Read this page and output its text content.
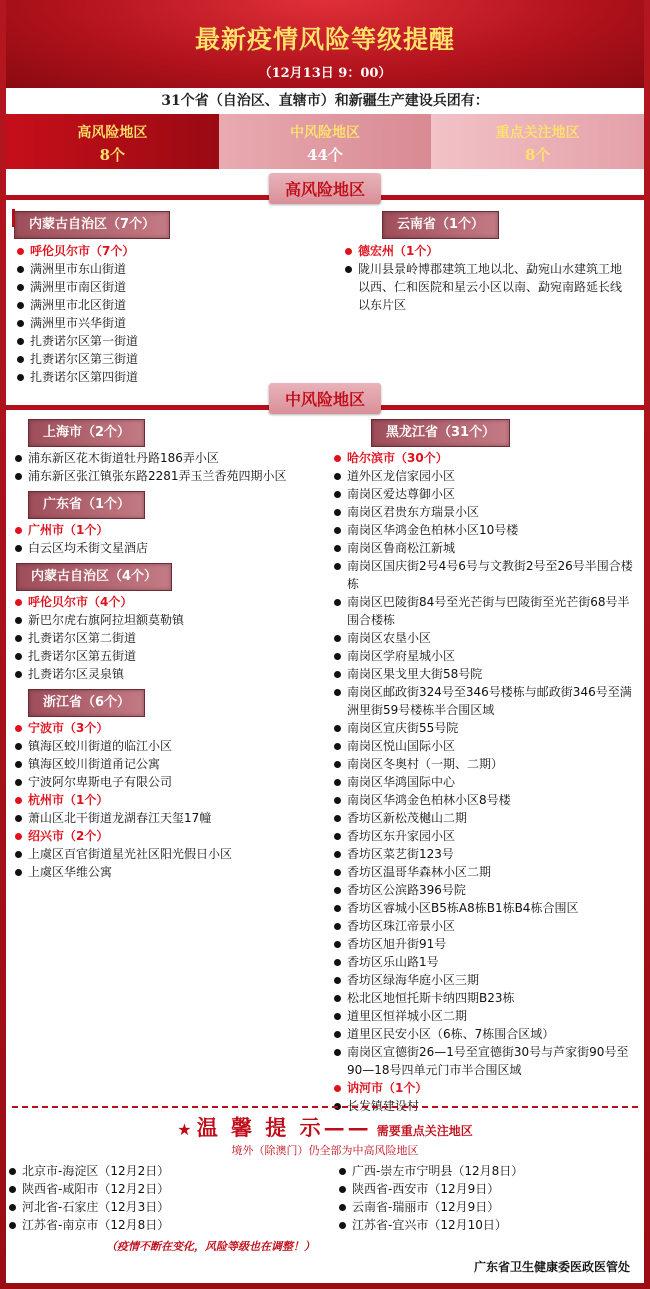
最新疫情风险等级提醒
（12月13日 9：00）
31个省（自治区、直辖市）和新疆生产建设兵团有：
高风险地区
8个
中风险地区
44个
重点关注地区
8个
高风险地区
内蒙古自治区（7个）
呼伦贝尔市（7个）
满洲里市东山街道
满洲里市南区街道
满洲里市北区街道
满洲里市兴华街道
扎赉诺尔区第一街道
扎赉诺尔区第三街道
扎赉诺尔区第四街道
云南省（1个）
德宏州（1个）
陇川县景岭博郡建筑工地以北、勐宛山水建筑工地以西、仁和医院和星云小区以南、勐宛南路延长线以东片区
中风险地区
上海市（2个）
浦东新区花木街道牡丹路186弄小区
浦东新区张江镇张东路2281弄玉兰香苑四期小区
广东省（1个）
广州市（1个）
白云区均禾街文星酒店
内蒙古自治区（4个）
呼伦贝尔市（4个）
新巴尔虎右旗阿拉坦额莫勒镇
扎赉诺尔区第二街道
扎赉诺尔区第五街道
扎赉诺尔区灵泉镇
浙江省（6个）
宁波市（3个）
镇海区蛟川街道的临江小区
镇海区蛟川街道甬记公寓
宁波阿尔卑斯电子有限公司
杭州市（1个）
萧山区北干街道龙湖春江天玺17幢
绍兴市（2个）
上虞区百官街道星光社区阳光假日小区
上虞区华维公寓
黑龙江省（31个）
哈尔滨市（30个）
道外区龙信家园小区
南岗区爱达尊御小区
南岗区君贵东方瑞景小区
南岗区华鸿金色柏林小区10号楼
南岗区鲁商松江新城
南岗区国庆街2号4号6号与文教街2号至26号半围合楼栋
南岗区巴陵街84号至光芒街与巴陵街至光芒街68号半围合楼栋
南岗区农垦小区
南岗区学府星城小区
南岗区果戈里大街58号院
南岗区邮政街324号至346号楼栋与邮政街346号至满洲里街59号楼栋半合围区域
南岗区宣庆街55号院
南岗区悦山国际小区
南岗区冬奥村（一期、二期）
南岗区华鸿国际中心
南岗区华鸿金色柏林小区8号楼
香坊区新松茂樾山二期
香坊区东升家园小区
香坊区菜艺街123号
香坊区温哥华森林小区二期
香坊区公滨路396号院
香坊区睿城小区B5栋A8栋B1栋B4栋合围区
香坊区珠江帝景小区
香坊区旭升街91号
香坊区乐山路1号
香坊区绿海华庭小区三期
松北区地恒托斯卡纳四期B23栋
道里区恒祥城小区二期
道里区民安小区（6栋、7栋围合区域）
南岗区宣德街26—1号至宣德街30号与芦家街90号至90—18号四单元门市半合围区域
讷河市（1个）
长发镇建设村
★ 温 馨 提 示—— 需要重点关注地区
境外（除澳门）仍全部为中高风险地区
北京市-海淀区（12月2日）
陕西省-咸阳市（12月2日）
河北省-石家庄（12月3日）
江苏省-南京市（12月8日）
广西-崇左市宁明县（12月8日）
陕西省-西安市（12月9日）
云南省-瑞丽市（12月9日）
江苏省-宜兴市（12月10日）
（疫情不断在变化，风险等级也在调整！）
广东省卫生健康委医政医管处
